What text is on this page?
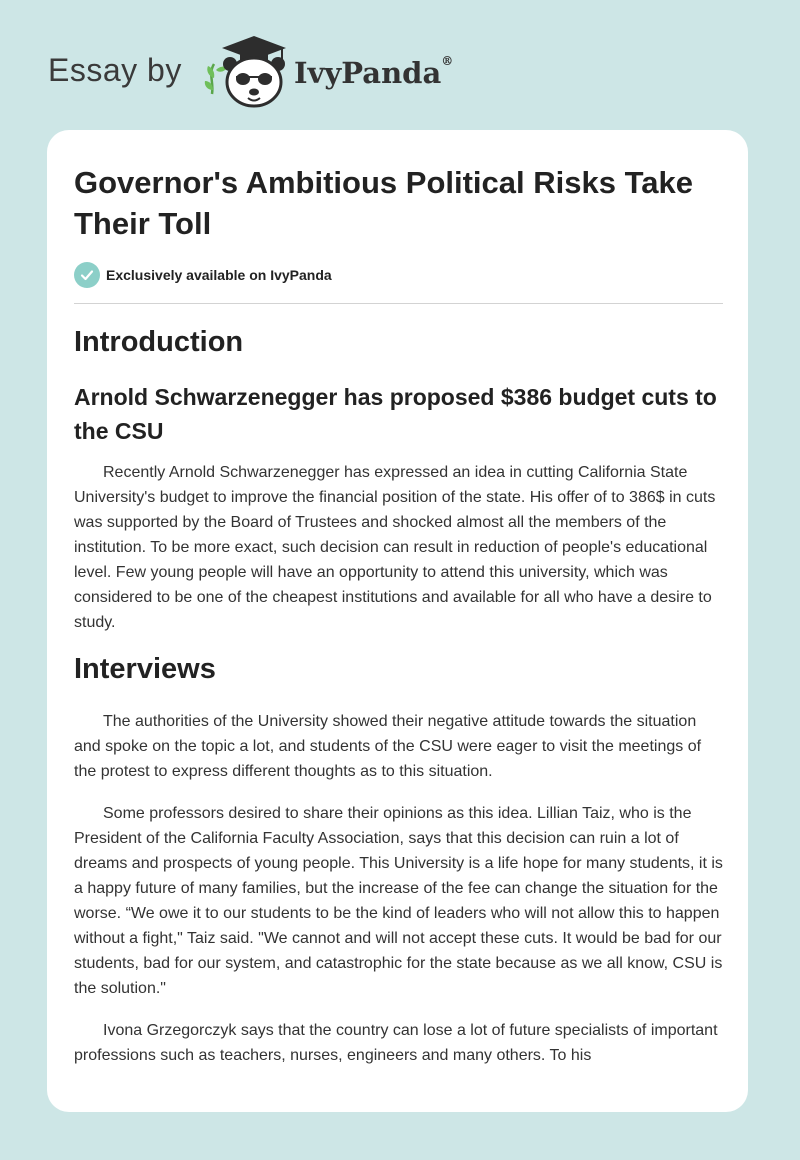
Essay by	IvyPanda®
Governor's Ambitious Political Risks Take Their Toll
Exclusively available on IvyPanda
Introduction
Arnold Schwarzenegger has proposed $386 budget cuts to the CSU

Recently Arnold Schwarzenegger has expressed an idea in cutting California State University's budget to improve the financial position of the state. His offer of to 386$ in cuts was supported by the Board of Trustees and shocked almost all the members of the institution. To be more exact, such decision can result in reduction of people's educational level. Few young people will have an opportunity to attend this university, which was considered to be one of the cheapest institutions and available for all who have a desire to study.

Interviews

The authorities of the University showed their negative attitude towards the situation and spoke on the topic a lot, and students of the CSU were eager to visit the meetings of the protest to express different thoughts as to this situation.

Some professors desired to share their opinions as this idea. Lillian Taiz, who is the President of the California Faculty Association, says that this decision can ruin a lot of dreams and prospects of young people. This University is a life hope for many students, it is a happy future of many families, but the increase of the fee can change the situation for the worse. “We owe it to our students to be the kind of leaders who will not allow this to happen without a fight," Taiz said. "We cannot and will not accept these cuts. It would be bad for our students, bad for our system, and catastrophic for the state because as we all know, CSU is the solution."

Ivona Grzegorczyk says that the country can lose a lot of future specialists of important professions such as teachers, nurses, engineers and many others. To his
